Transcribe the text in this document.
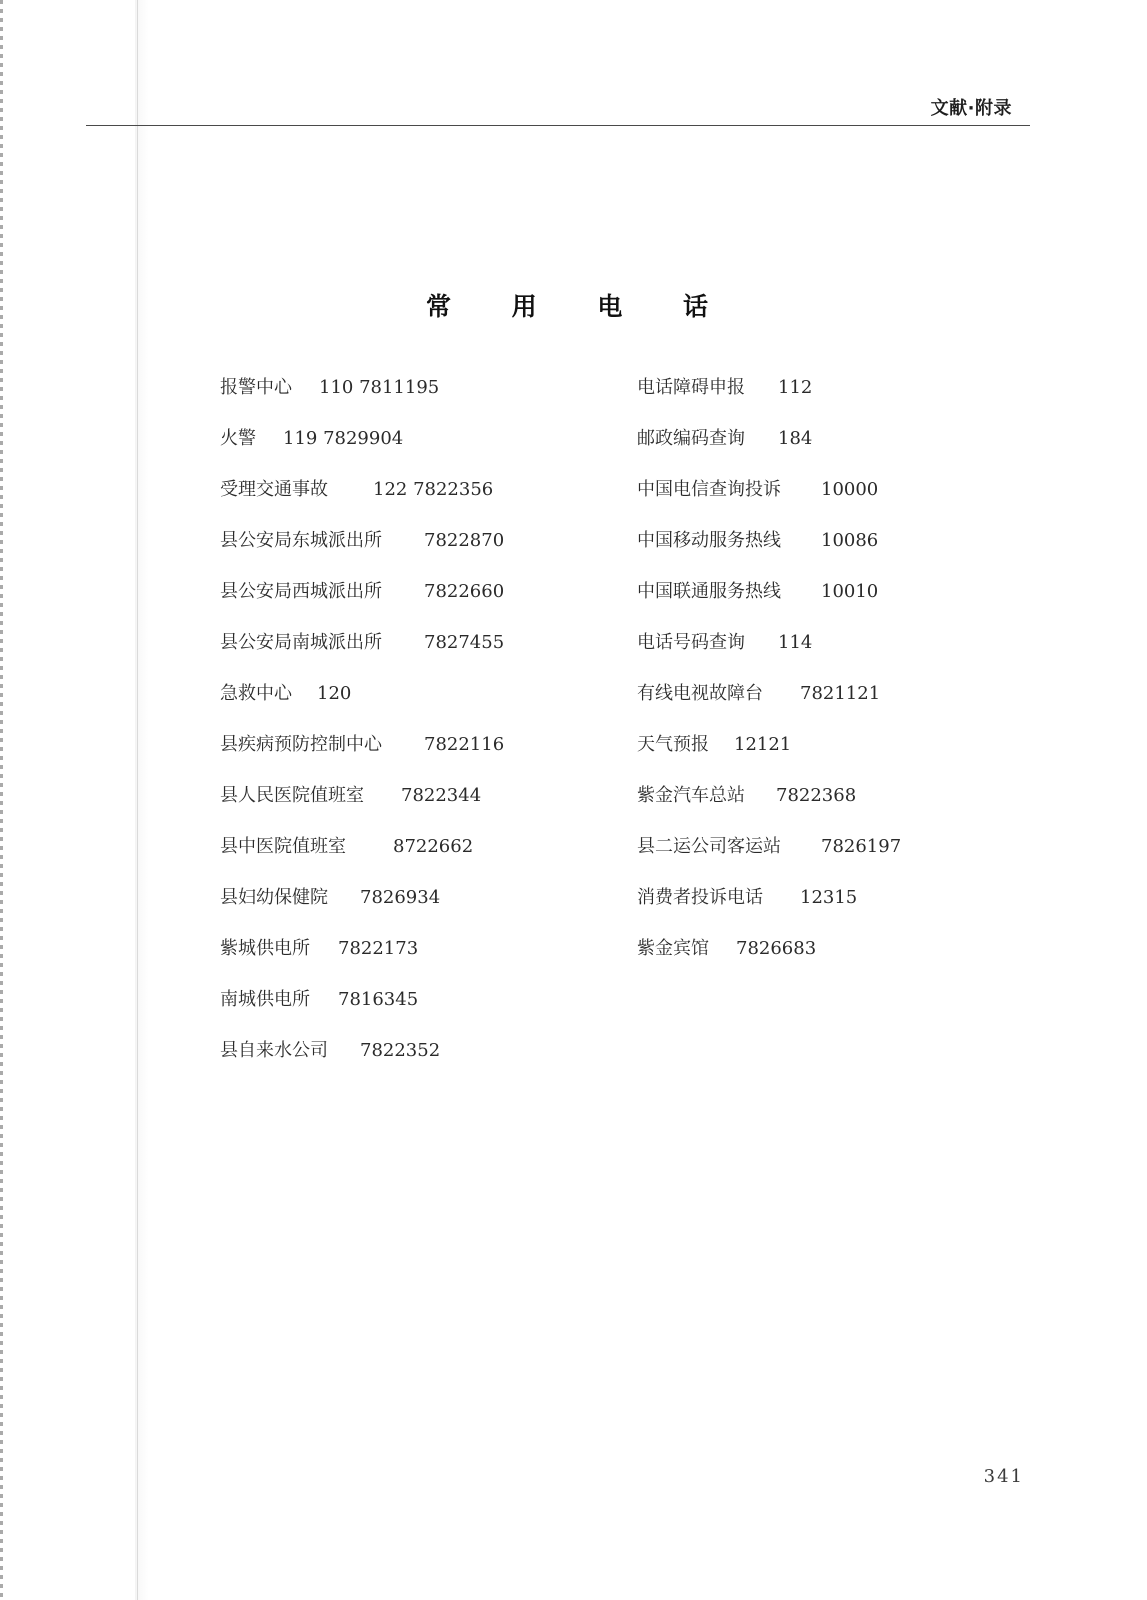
文献·附录
常 用 电 话
报警中心 110 7811195
火警 119 7829904
受理交通事故	122 7822356
县公安局东城派出所 7822870
县公安局西城派出所 7822660
县公安局南城派出所 7827455
急救中心 120
县疾病预防控制中心 7822116
县人民医院值班室 7822344
县中医院值班室	8722662
县妇幼保健院 7826934
紫城供电所 7822173
南城供电所 7816345
县自来水公司 7822352
电话障碍申报 112
邮政编码查询 184
中国电信查询投诉 10000
中国移动服务热线 10086
中国联通服务热线 10010
电话号码查询 114
有线电视故障台 7821121
天气预报 12121
紫金汽车总站 7822368
县二运公司客运站 7826197
消费者投诉电话 12315
紫金宾馆 7826683
341
